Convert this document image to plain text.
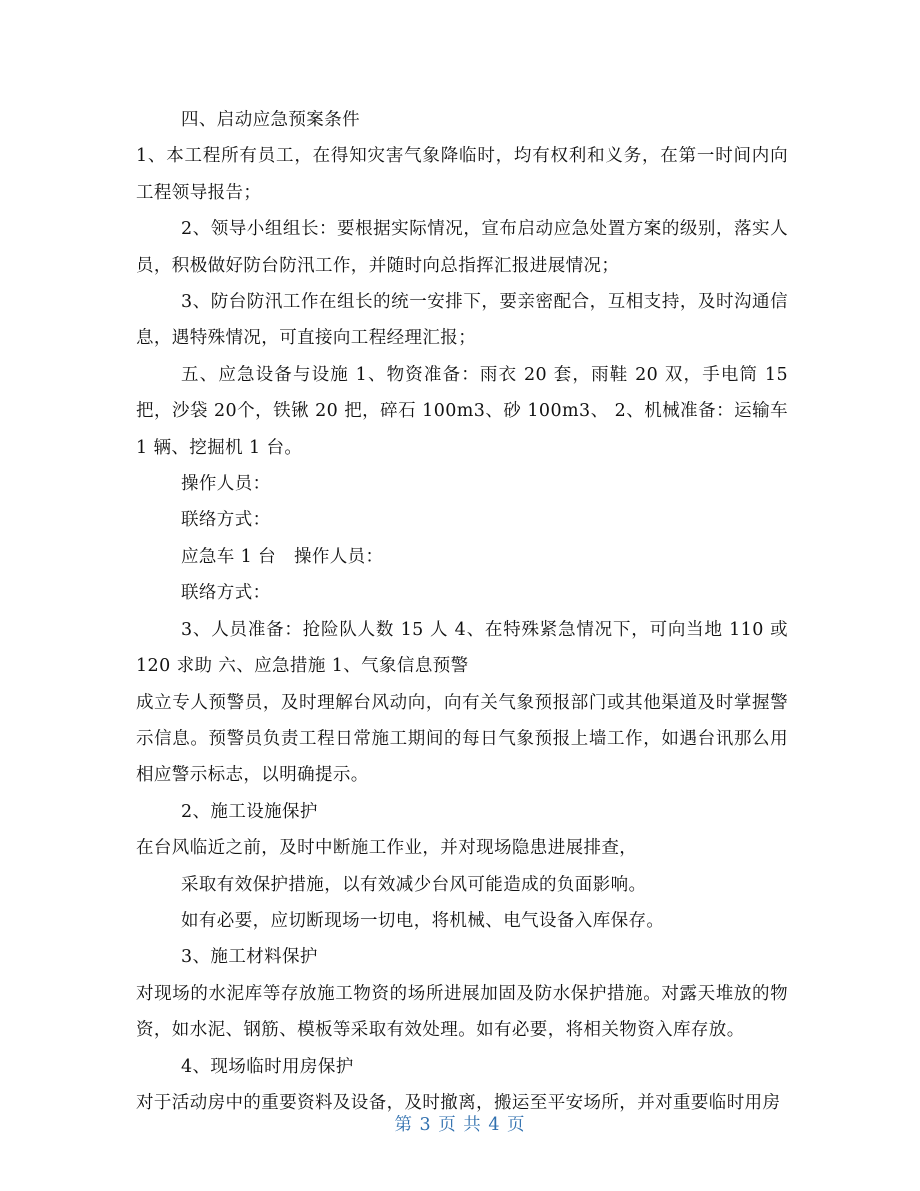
四、启动应急预案条件

1、本工程所有员工，在得知灾害气象降临时，均有权利和义务，在第一时间内向工程领导报告；

2、领导小组组长：要根据实际情况，宣布启动应急处置方案的级别，落实人员，积极做好防台防汛工作，并随时向总指挥汇报进展情况；

3、防台防汛工作在组长的统一安排下，要亲密配合，互相支持，及时沟通信息，遇特殊情况，可直接向工程经理汇报；

五、应急设备与设施 1、物资准备：雨衣 20 套，雨鞋 20 双，手电筒 15 把，沙袋 20个，铁锹 20 把，碎石 100m3、砂 100m3、 2、机械准备：运输车 1 辆、挖掘机 1 台。

操作人员：

联络方式：

应急车 1 台　操作人员：

联络方式：

3、人员准备：抢险队人数 15 人 4、在特殊紧急情况下，可向当地 110 或 120 求助 六、应急措施 1、气象信息预警

成立专人预警员，及时理解台风动向，向有关气象预报部门或其他渠道及时掌握警示信息。预警员负责工程日常施工期间的每日气象预报上墙工作，如遇台讯那么用相应警示标志，以明确提示。

2、施工设施保护

在台风临近之前，及时中断施工作业，并对现场隐患进展排查，

采取有效保护措施，以有效减少台风可能造成的负面影响。

如有必要，应切断现场一切电，将机械、电气设备入库保存。

3、施工材料保护

对现场的水泥库等存放施工物资的场所进展加固及防水保护措施。对露天堆放的物资，如水泥、钢筋、模板等采取有效处理。如有必要，将相关物资入库存放。

4、现场临时用房保护

对于活动房中的重要资料及设备，及时撤离，搬运至平安场所，并对重要临时用房

第 3 页 共 4 页
